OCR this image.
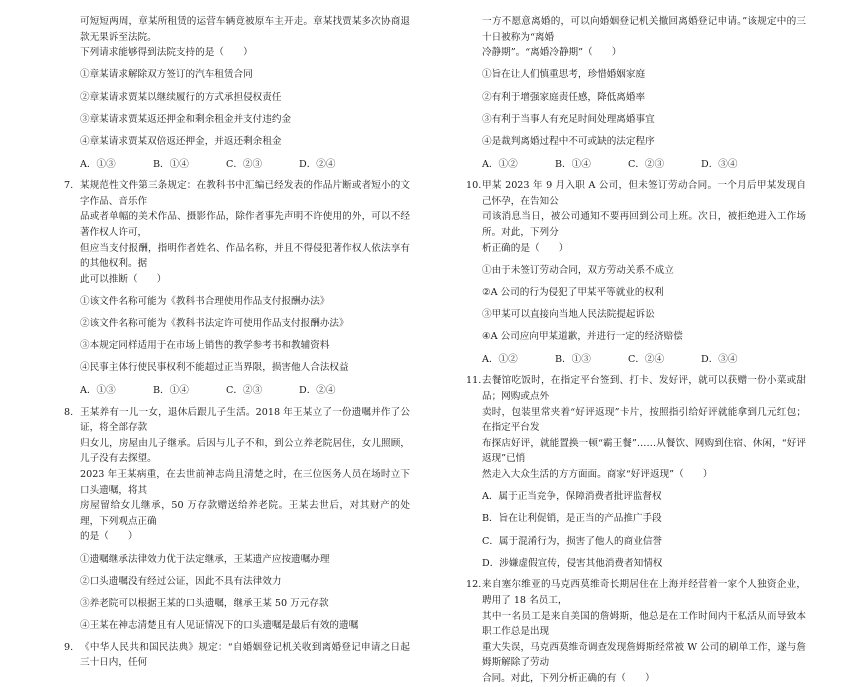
可短短两周，章某所租赁的运营车辆竟被原车主开走。章某找贾某多次协商退款无果诉至法院。

下列请求能够得到法院支持的是（　　）

①章某请求解除双方签订的汽车租赁合同
②章某请求贾某以继续履行的方式承担侵权责任
③章某请求贾某返还押金和剩余租金并支付违约金
④章某请求贾某双倍返还押金，并返还剩余租金
A．①③	B．①④	C．②③	D．②④
7. 某规范性文件第三条规定：在教科书中汇编已经发表的作品片断或者短小的文字作品、音乐作

品或者单幅的美术作品、摄影作品，除作者事先声明不许使用的外，可以不经著作权人许可，

但应当支付报酬，指明作者姓名、作品名称，并且不得侵犯著作权人依法享有的其他权利。据

此可以推断（　　）

①该文件名称可能为《教科书合理使用作品支付报酬办法》
②该文件名称可能为《教科书法定许可使用作品支付报酬办法》
③本规定同样适用于在市场上销售的教学参考书和教辅资料
④民事主体行使民事权利不能超过正当界限，损害他人合法权益
A．①③	B．①④	C．②③	D．②④
8. 王某养有一儿一女，退休后跟儿子生活。2018 年王某立了一份遗嘱并作了公证，将全部存款

归女儿，房屋由儿子继承。后因与儿子不和，到公立养老院居住，女儿照顾，儿子没有去探望。

2023 年王某病重，在去世前神志尚且清楚之时，在三位医务人员在场时立下口头遗嘱，将其

房屋留给女儿继承，50 万存款赠送给养老院。王某去世后，对其财产的处理，下列观点正确

的是（　　）

①遗嘱继承法律效力优于法定继承，王某遗产应按遗嘱办理
②口头遗嘱没有经过公证，因此不具有法律效力
③养老院可以根据王某的口头遗嘱，继承王某 50 万元存款
④王某在神志清楚且有人见证情况下的口头遗嘱是最后有效的遗嘱
9. 《中华人民共和国民法典》规定：“自婚姻登记机关收到离婚登记申请之日起三十日内，任何

一方不愿意离婚的，可以向婚姻登记机关撤回离婚登记申请。”该规定中的三十日被称为“离婚

冷静期”。“离婚冷静期”（　　）

①旨在让人们慎重思考，珍惜婚姻家庭
②有利于增强家庭责任感，降低离婚率
③有利于当事人有充足时间处理离婚事宜
④是裁判离婚过程中不可或缺的法定程序
A．①②	B．①④	C．②③	D．③④
10. 甲某 2023 年 9 月入职 A 公司，但未签订劳动合同。一个月后甲某发现自己怀孕，在告知公

司该消息当日，被公司通知不要再回到公司上班。次日，被拒绝进入工作场所。对此，下列分

析正确的是（　　）

①由于未签订劳动合同，双方劳动关系不成立
②A 公司的行为侵犯了甲某平等就业的权利
③甲某可以直接向当地人民法院提起诉讼
④A 公司应向甲某道歉，并进行一定的经济赔偿
A．①②	B．①③	C．②④	D．③④
11. 去餐馆吃饭时，在指定平台签到、打卡、发好评，就可以获赠一份小菜或甜品；网购或点外

卖时，包装里常夹着“好评返现”卡片，按照指引给好评就能拿到几元红包；在指定平台发

布探店好评，就能置换一顿“霸王餐”……从餐饮、网购到住宿、休闲，“好评返现”已悄

然走入大众生活的方方面面。商家“好评返现”（　　）

A．属于正当竞争，保障消费者批评监督权
B．旨在让利促销，是正当的产品推广手段
C．属于混淆行为，损害了他人的商业信誉
D．涉嫌虚假宣传，侵害其他消费者知情权
12. 来自塞尔维亚的马克西莫维奇长期居住在上海并经营着一家个人独资企业，聘用了 18 名员工，

其中一名员工是来自美国的詹姆斯，他总是在工作时间内干私活从而导致本职工作总是出现

重大失误，马克西莫维奇调查发现詹姆斯经常被 W 公司的刷单工作，遂与詹姆斯解除了劳动

合同。对此，下列分析正确的有（　　）
